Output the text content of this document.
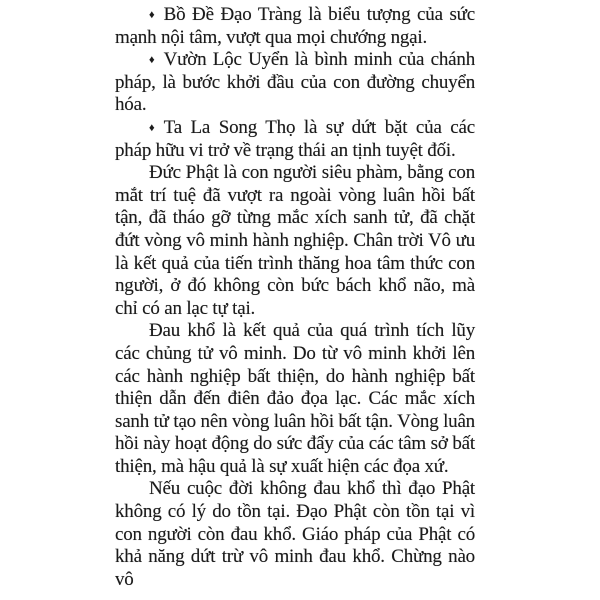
♦ Bồ Đề Đạo Tràng là biểu tượng của sức mạnh nội tâm, vượt qua mọi chướng ngại.

♦ Vườn Lộc Uyển là bình minh của chánh pháp, là bước khởi đầu của con đường chuyển hóa.

♦ Ta La Song Thọ là sự dứt bặt của các pháp hữu vi trở về trạng thái an tịnh tuyệt đối.

Đức Phật là con người siêu phàm, bằng con mắt trí tuệ đã vượt ra ngoài vòng luân hồi bất tận, đã tháo gỡ từng mắc xích sanh tử, đã chặt đứt vòng vô minh hành nghiệp. Chân trời Vô ưu là kết quả của tiến trình thăng hoa tâm thức con người, ở đó không còn bức bách khổ não, mà chỉ có an lạc tự tại.

Đau khổ là kết quả của quá trình tích lũy các chủng tử vô minh. Do từ vô minh khởi lên các hành nghiệp bất thiện, do hành nghiệp bất thiện dẫn đến điên đảo đọa lạc. Các mắc xích sanh tử tạo nên vòng luân hồi bất tận. Vòng luân hồi này hoạt động do sức đẩy của các tâm sở bất thiện, mà hậu quả là sự xuất hiện các đọa xứ.

Nếu cuộc đời không đau khổ thì đạo Phật không có lý do tồn tại. Đạo Phật còn tồn tại vì con người còn đau khổ. Giáo pháp của Phật có khả năng dứt trừ vô minh đau khổ. Chừng nào vô
